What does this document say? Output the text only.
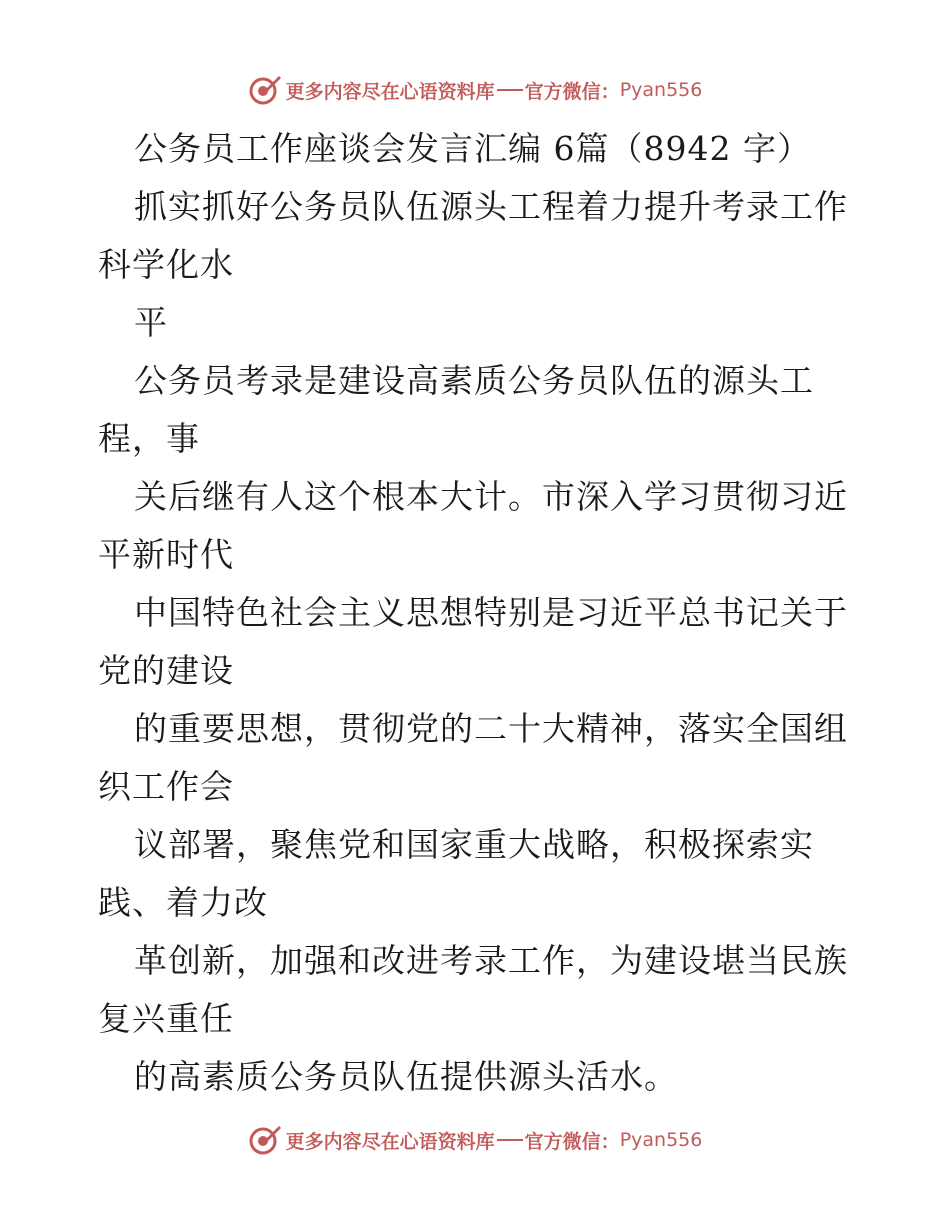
更多内容尽在心语资料库 官方微信： Pyan556
公务员工作座谈会发言汇编 6篇（8942 字）
抓实抓好公务员队伍源头工程着力提升考录工作
科学化水
平
公务员考录是建设高素质公务员队伍的源头工
程，事
关后继有人这个根本大计。市深入学习贯彻习近
平新时代
中国特色社会主义思想特别是习近平总书记关于
党的建设
的重要思想，贯彻党的二十大精神，落实全国组
织工作会
议部署，聚焦党和国家重大战略，积极探索实
践、着力改
革创新，加强和改进考录工作，为建设堪当民族
复兴重任
的高素质公务员队伍提供源头活水。
更多内容尽在心语资料库 官方微信： Pyan556
